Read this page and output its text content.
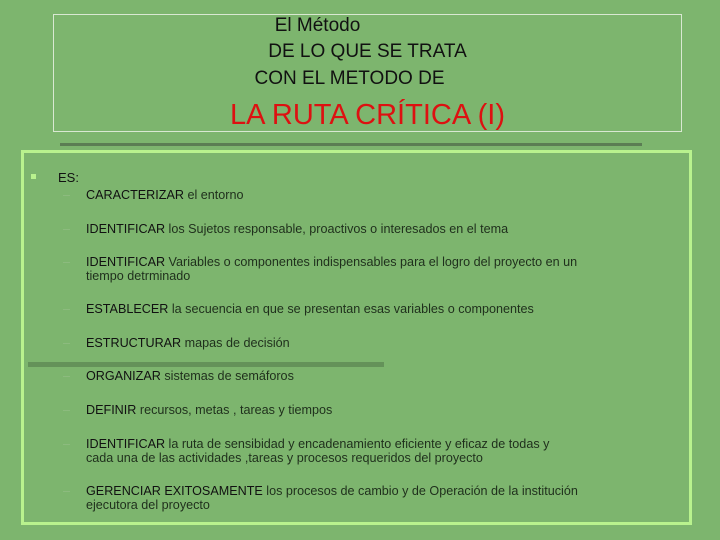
El Método
DE LO QUE SE TRATA
CON EL METODO DE
LA RUTA CRÍTICA (I)
ES:
– CARACTERIZAR el entorno
– IDENTIFICAR los Sujetos responsable, proactivos o interesados en el tema
– IDENTIFICAR Variables o componentes indispensables para el logro del proyecto en un
tiempo detrminado
– ESTABLECER la secuencia en que se presentan esas variables o componentes
– ESTRUCTURAR mapas de decisión
– ORGANIZAR sistemas de semáforos
– DEFINIR recursos, metas , tareas y tiempos
– IDENTIFICAR la ruta de sensibidad y encadenamiento eficiente y eficaz de todas y
cada una de las actividades ,tareas y procesos requeridos del proyecto
– GERENCIAR EXITOSAMENTE los procesos de cambio y de Operación de la institución
ejecutora del proyecto
